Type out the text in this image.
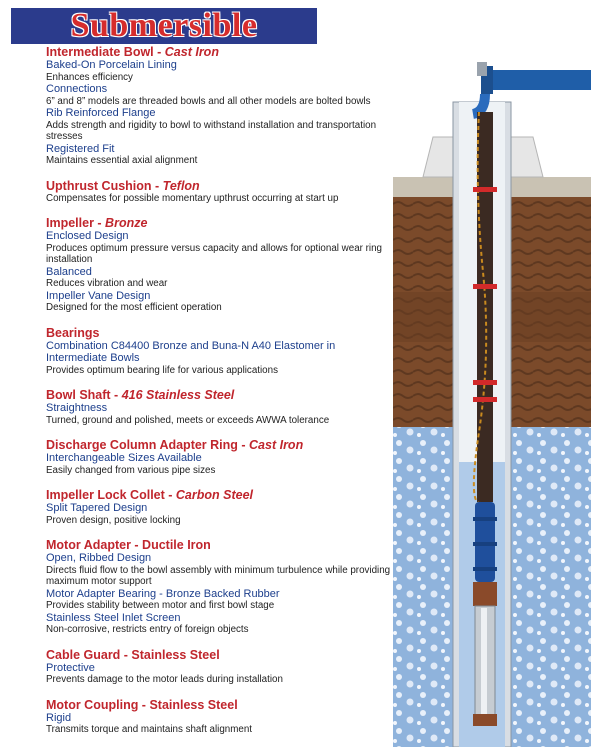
Submersible
Intermediate Bowl - Cast Iron
Baked-On Porcelain Lining
Enhances efficiency
Connections
6” and 8” models are threaded bowls and all other models are bolted bowls
Rib Reinforced Flange
Adds strength and rigidity to bowl to withstand installation and transportation stresses
Registered Fit
Maintains essential axial alignment
Upthrust Cushion - Teflon
Compensates for possible momentary upthrust occurring at start up
Impeller - Bronze
Enclosed Design
Produces optimum pressure versus capacity and allows for optional wear ring installation
Balanced
Reduces vibration and wear
Impeller Vane Design
Designed for the most efficient operation
Bearings
Combination C84400 Bronze and Buna-N A40 Elastomer in Intermediate Bowls
Provides optimum bearing life for various applications
Bowl Shaft - 416 Stainless Steel
Straightness
Turned, ground and polished, meets or exceeds AWWA tolerance
Discharge Column Adapter Ring - Cast Iron
Interchangeable Sizes Available
Easily changed from various pipe sizes
Impeller Lock Collet - Carbon Steel
Split Tapered Design
Proven design, positive locking
Motor Adapter - Ductile Iron
Open, Ribbed Design
Directs fluid flow to the bowl assembly with minimum turbulence while providing maximum motor support
Motor Adapter Bearing - Bronze Backed Rubber
Provides stability between motor and first bowl stage
Stainless Steel Inlet Screen
Non-corrosive, restricts entry of foreign objects
Cable Guard - Stainless Steel
Protective
Prevents damage to the motor leads during installation
Motor Coupling - Stainless Steel
Rigid
Transmits torque and maintains shaft alignment
